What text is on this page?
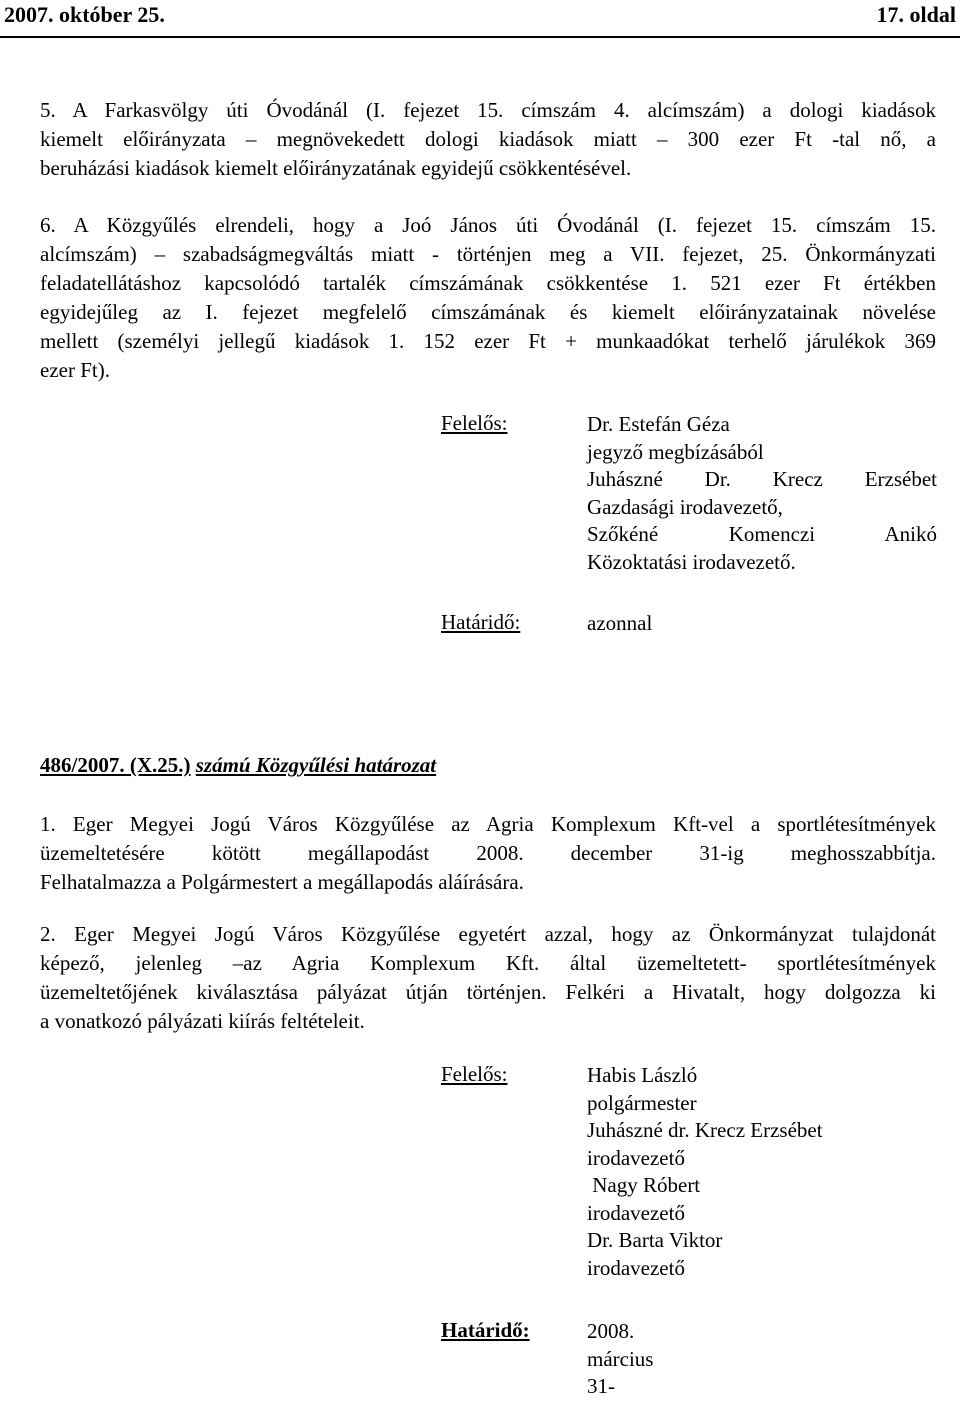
2007. október 25.	17. oldal
5. A Farkasvölgy úti Óvodánál (I. fejezet 15. címszám 4. alcímszám) a dologi kiadások
kiemelt előirányzata – megnövekedett dologi kiadások miatt – 300 ezer Ft -tal nő, a
beruházási kiadások kiemelt előirányzatának egyidejű csökkentésével.
6. A Közgyűlés elrendeli, hogy a Joó János úti Óvodánál (I. fejezet 15. címszám 15.
alcímszám) – szabadságmegváltás miatt - történjen meg a VII. fejezet, 25. Önkormányzati
feladatellátáshoz kapcsolódó tartalék címszámának csökkentése 1. 521 ezer Ft értékben
egyidejűleg az I. fejezet megfelelő címszámának és kiemelt előirányzatainak növelése
mellett (személyi jellegű kiadások 1. 152 ezer Ft + munkaadókat terhelő járulékok 369
ezer Ft).
Felelős:	Dr. Estefán Géza
jegyző megbízásából
Juhászné Dr. Krecz Erzsébet
Gazdasági irodavezető,
Szőkéné Komenczi Anikó
Közoktatási irodavezető.
Határidő:	azonnal
486/2007. (X.25.) számú Közgyűlési határozat
1. Eger Megyei Jogú Város Közgyűlése az Agria Komplexum Kft-vel a sportlétesítmények
üzemeltetésére kötött megállapodást 2008. december 31-ig meghosszabbítja.
Felhatalmazza a Polgármestert a megállapodás aláírására.
2. Eger Megyei Jogú Város Közgyűlése egyetért azzal, hogy az Önkormányzat tulajdonát
képező, jelenleg –az Agria Komplexum Kft. által üzemeltetett- sportlétesítmények
üzemeltetőjének kiválasztása pályázat útján történjen. Felkéri a Hivatalt, hogy dolgozza ki
a vonatkozó pályázati kiírás feltételeit.
Felelős:	Habis László
polgármester
Juhászné dr. Krecz Erzsébet
irodavezető
Nagy Róbert
irodavezető
Dr. Barta Viktor
irodavezető
Határidő:	2008. március 31-
